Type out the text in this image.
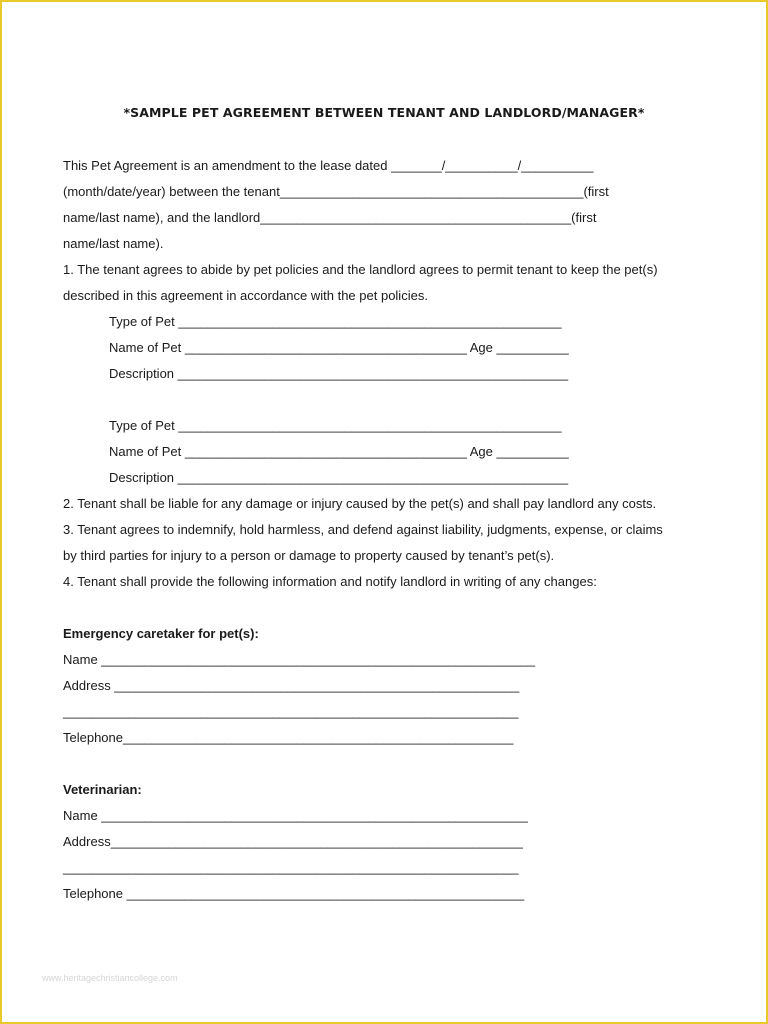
*SAMPLE PET AGREEMENT BETWEEN TENANT AND LANDLORD/MANAGER*
This Pet Agreement is an amendment to the lease dated _______/__________/__________
(month/date/year) between the tenant__________________________________________(first
name/last name), and the landlord___________________________________________(first
name/last name).
1. The tenant agrees to abide by pet policies and the landlord agrees to permit tenant to keep the pet(s)
described in this agreement in accordance with the pet policies.
Type of Pet _____________________________________________________
Name of Pet _______________________________________ Age __________
Description ______________________________________________________
Type of Pet _____________________________________________________
Name of Pet _______________________________________ Age __________
Description ______________________________________________________
2. Tenant shall be liable for any damage or injury caused by the pet(s) and shall pay landlord any costs.
3. Tenant agrees to indemnify, hold harmless, and defend against liability, judgments, expense, or claims
by third parties for injury to a person or damage to property caused by tenant’s pet(s).
4. Tenant shall provide the following information and notify landlord in writing of any changes:
Emergency caretaker for pet(s):
Name ____________________________________________________________
Address ________________________________________________________
_______________________________________________________________
Telephone______________________________________________________
Veterinarian:
Name ___________________________________________________________
Address_________________________________________________________
_______________________________________________________________
Telephone _______________________________________________________
www.heritagechristiancollege.com
